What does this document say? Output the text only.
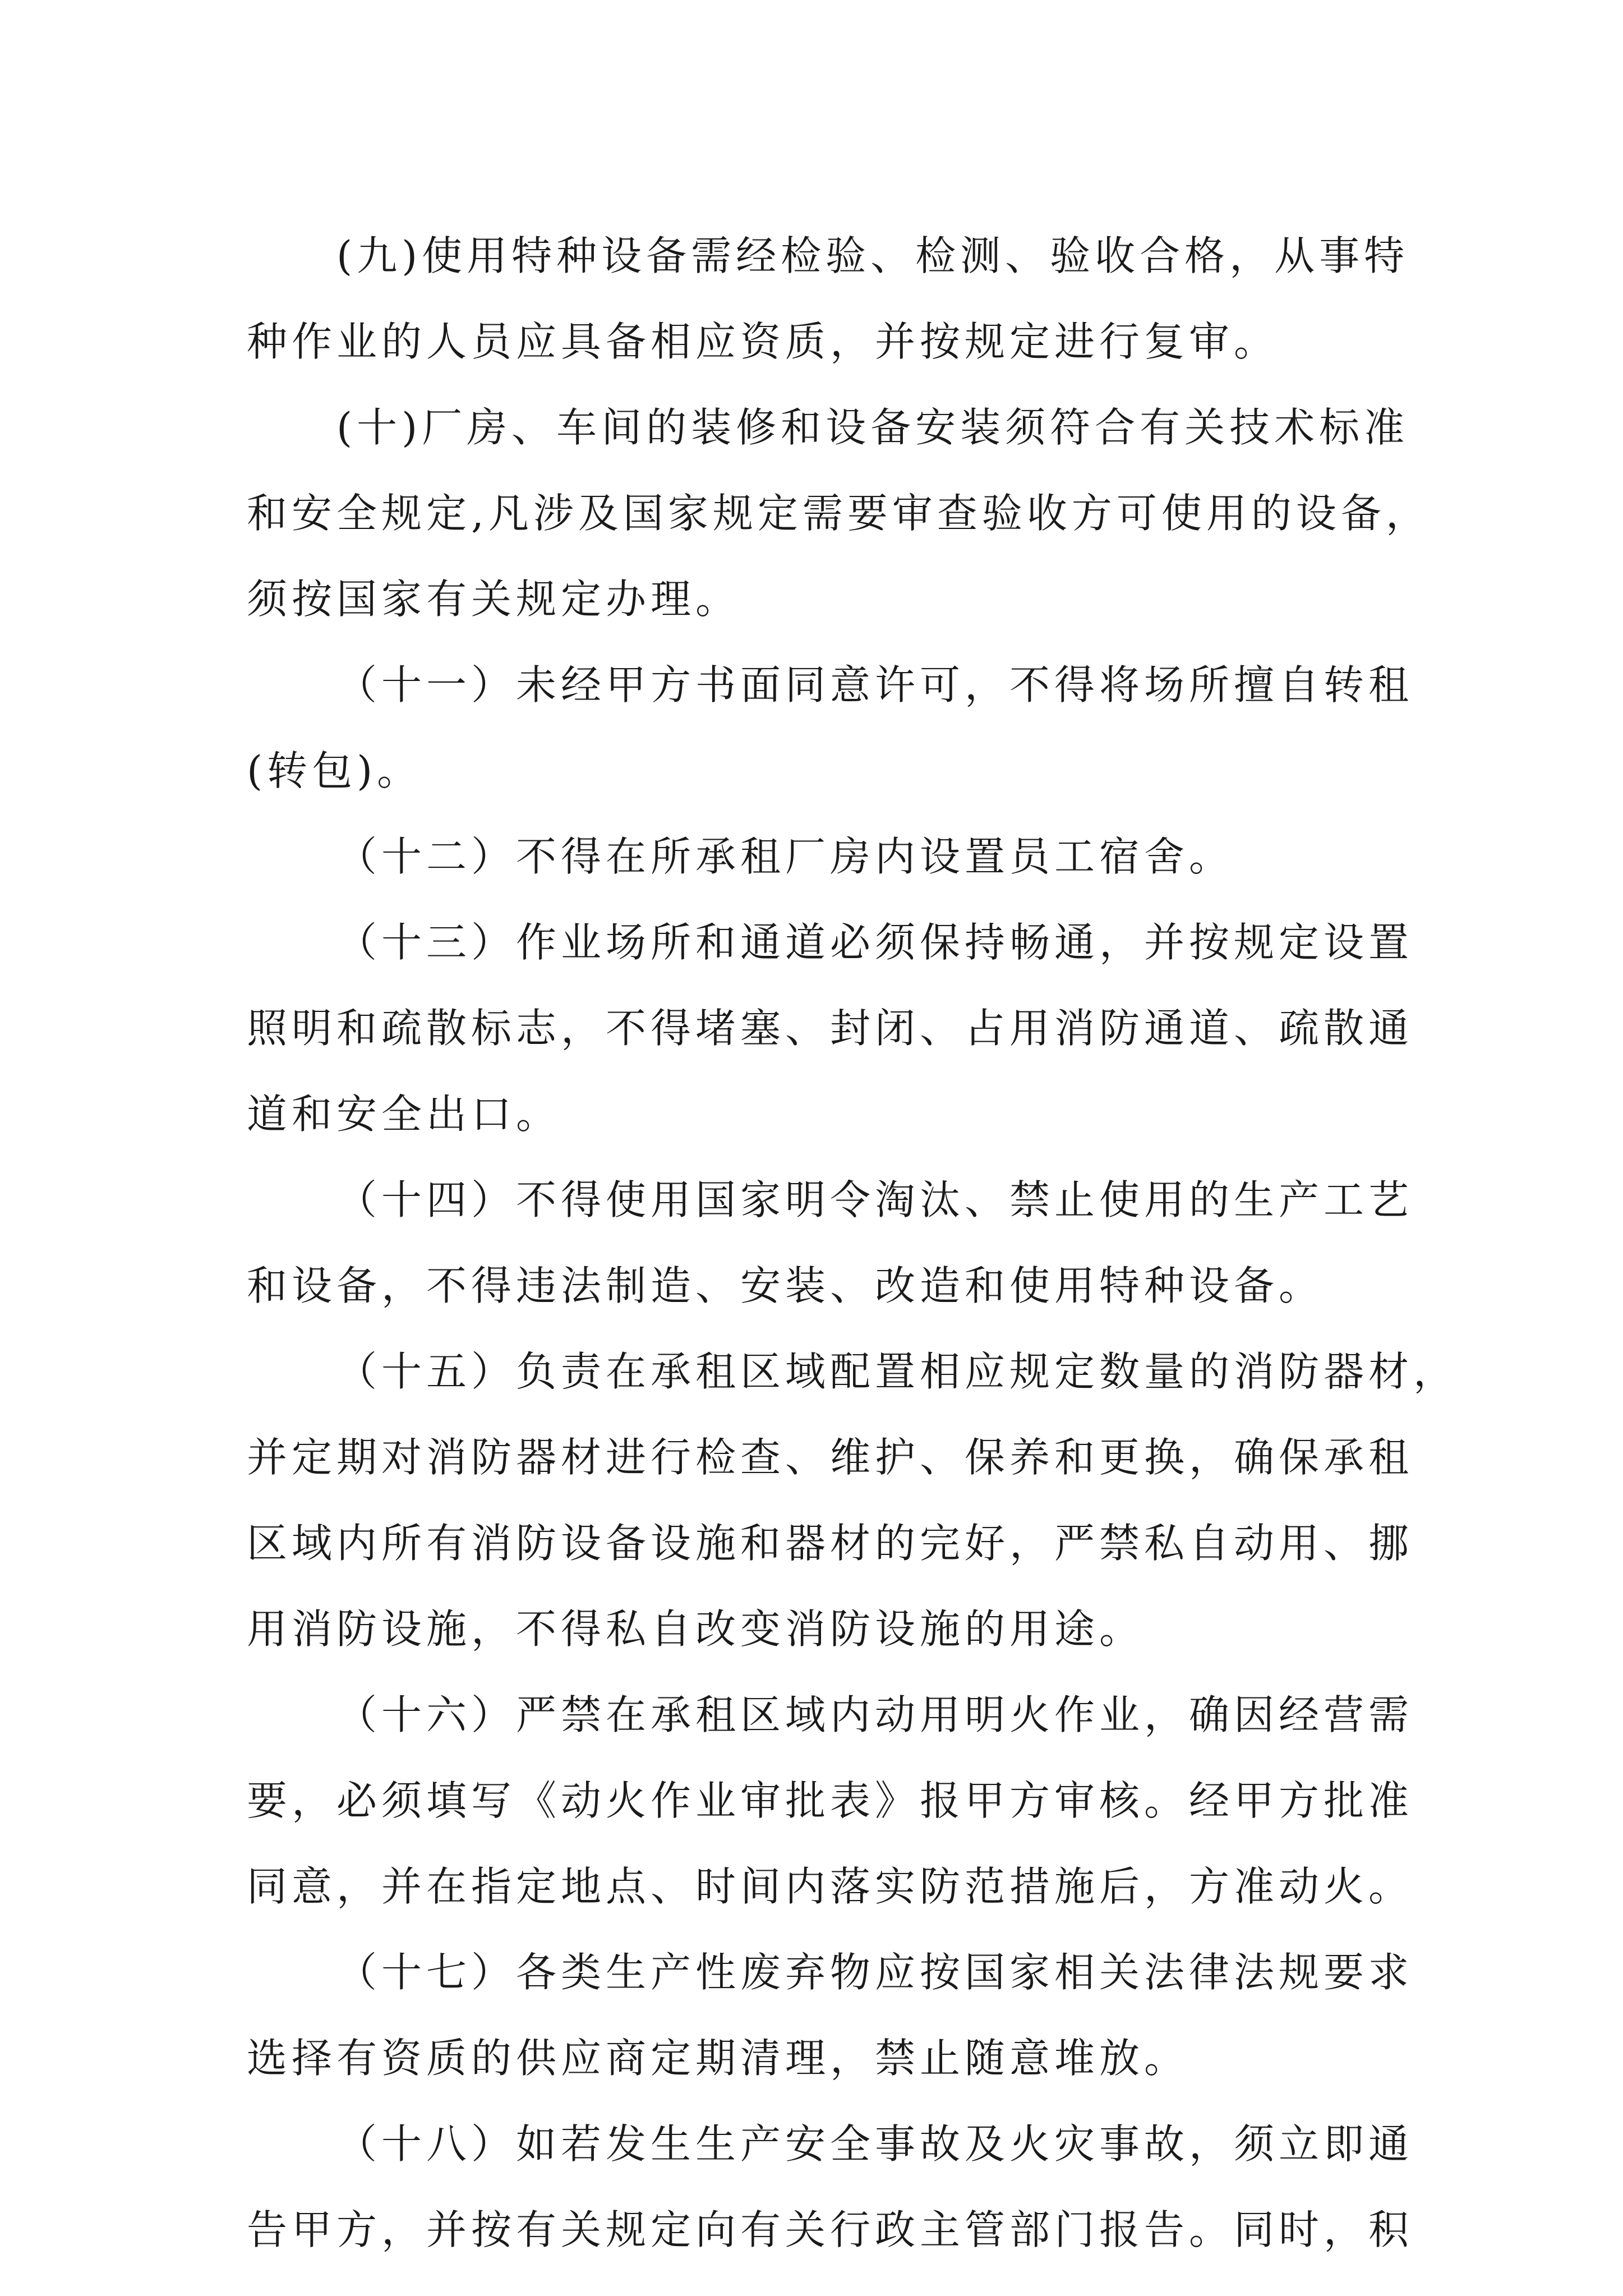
(九)使用特种设备需经检验、检测、验收合格，从事特
种作业的人员应具备相应资质，并按规定进行复审。
(十)厂房、车间的装修和设备安装须符合有关技术标准
和安全规定,凡涉及国家规定需要审查验收方可使用的设备，
须按国家有关规定办理。
（十一）未经甲方书面同意许可，不得将场所擅自转租
(转包)。
（十二）不得在所承租厂房内设置员工宿舍。
（十三）作业场所和通道必须保持畅通，并按规定设置
照明和疏散标志，不得堵塞、封闭、占用消防通道、疏散通
道和安全出口。
（十四）不得使用国家明令淘汰、禁止使用的生产工艺
和设备，不得违法制造、安装、改造和使用特种设备。
（十五）负责在承租区域配置相应规定数量的消防器材，
并定期对消防器材进行检查、维护、保养和更换，确保承租
区域内所有消防设备设施和器材的完好，严禁私自动用、挪
用消防设施，不得私自改变消防设施的用途。
（十六）严禁在承租区域内动用明火作业，确因经营需
要，必须填写《动火作业审批表》报甲方审核。经甲方批准
同意，并在指定地点、时间内落实防范措施后，方准动火。
（十七）各类生产性废弃物应按国家相关法律法规要求
选择有资质的供应商定期清理，禁止随意堆放。
（十八）如若发生生产安全事故及火灾事故，须立即通
告甲方，并按有关规定向有关行政主管部门报告。同时，积
